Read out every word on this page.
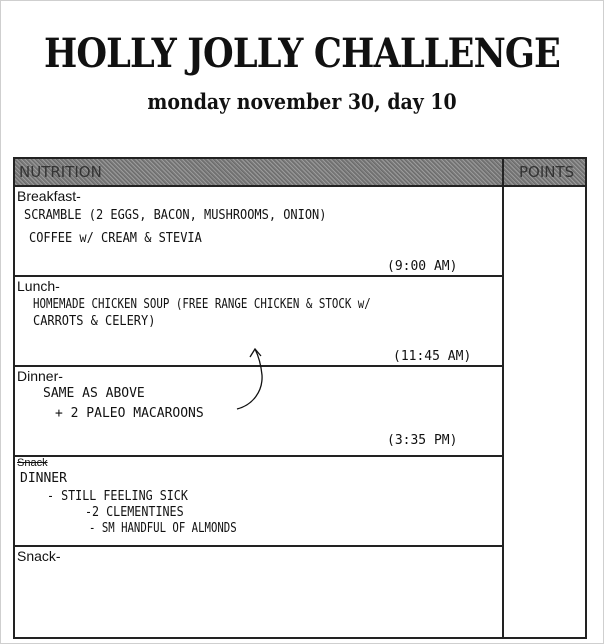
HOLLY JOLLY CHALLENGE
monday november 30, day 10
NUTRITION	POINTS
Breakfast-
SCRAMBLE (2 EGGS, BACON, MUSHROOMS, ONION)
COFFEE w/ CREAM & STEVIA
(9:00 AM)
Lunch-
HOMEMADE CHICKEN SOUP (FREE RANGE CHICKEN & STOCK w/
CARROTS & CELERY)
(11:45 AM)
Dinner-
SAME AS ABOVE
+ 2 PALEO MACAROONS
(3:35 PM)
Snack
DINNER
- STILL FEELING SICK
-2 CLEMENTINES
- SM HANDFUL OF ALMONDS
Snack-
